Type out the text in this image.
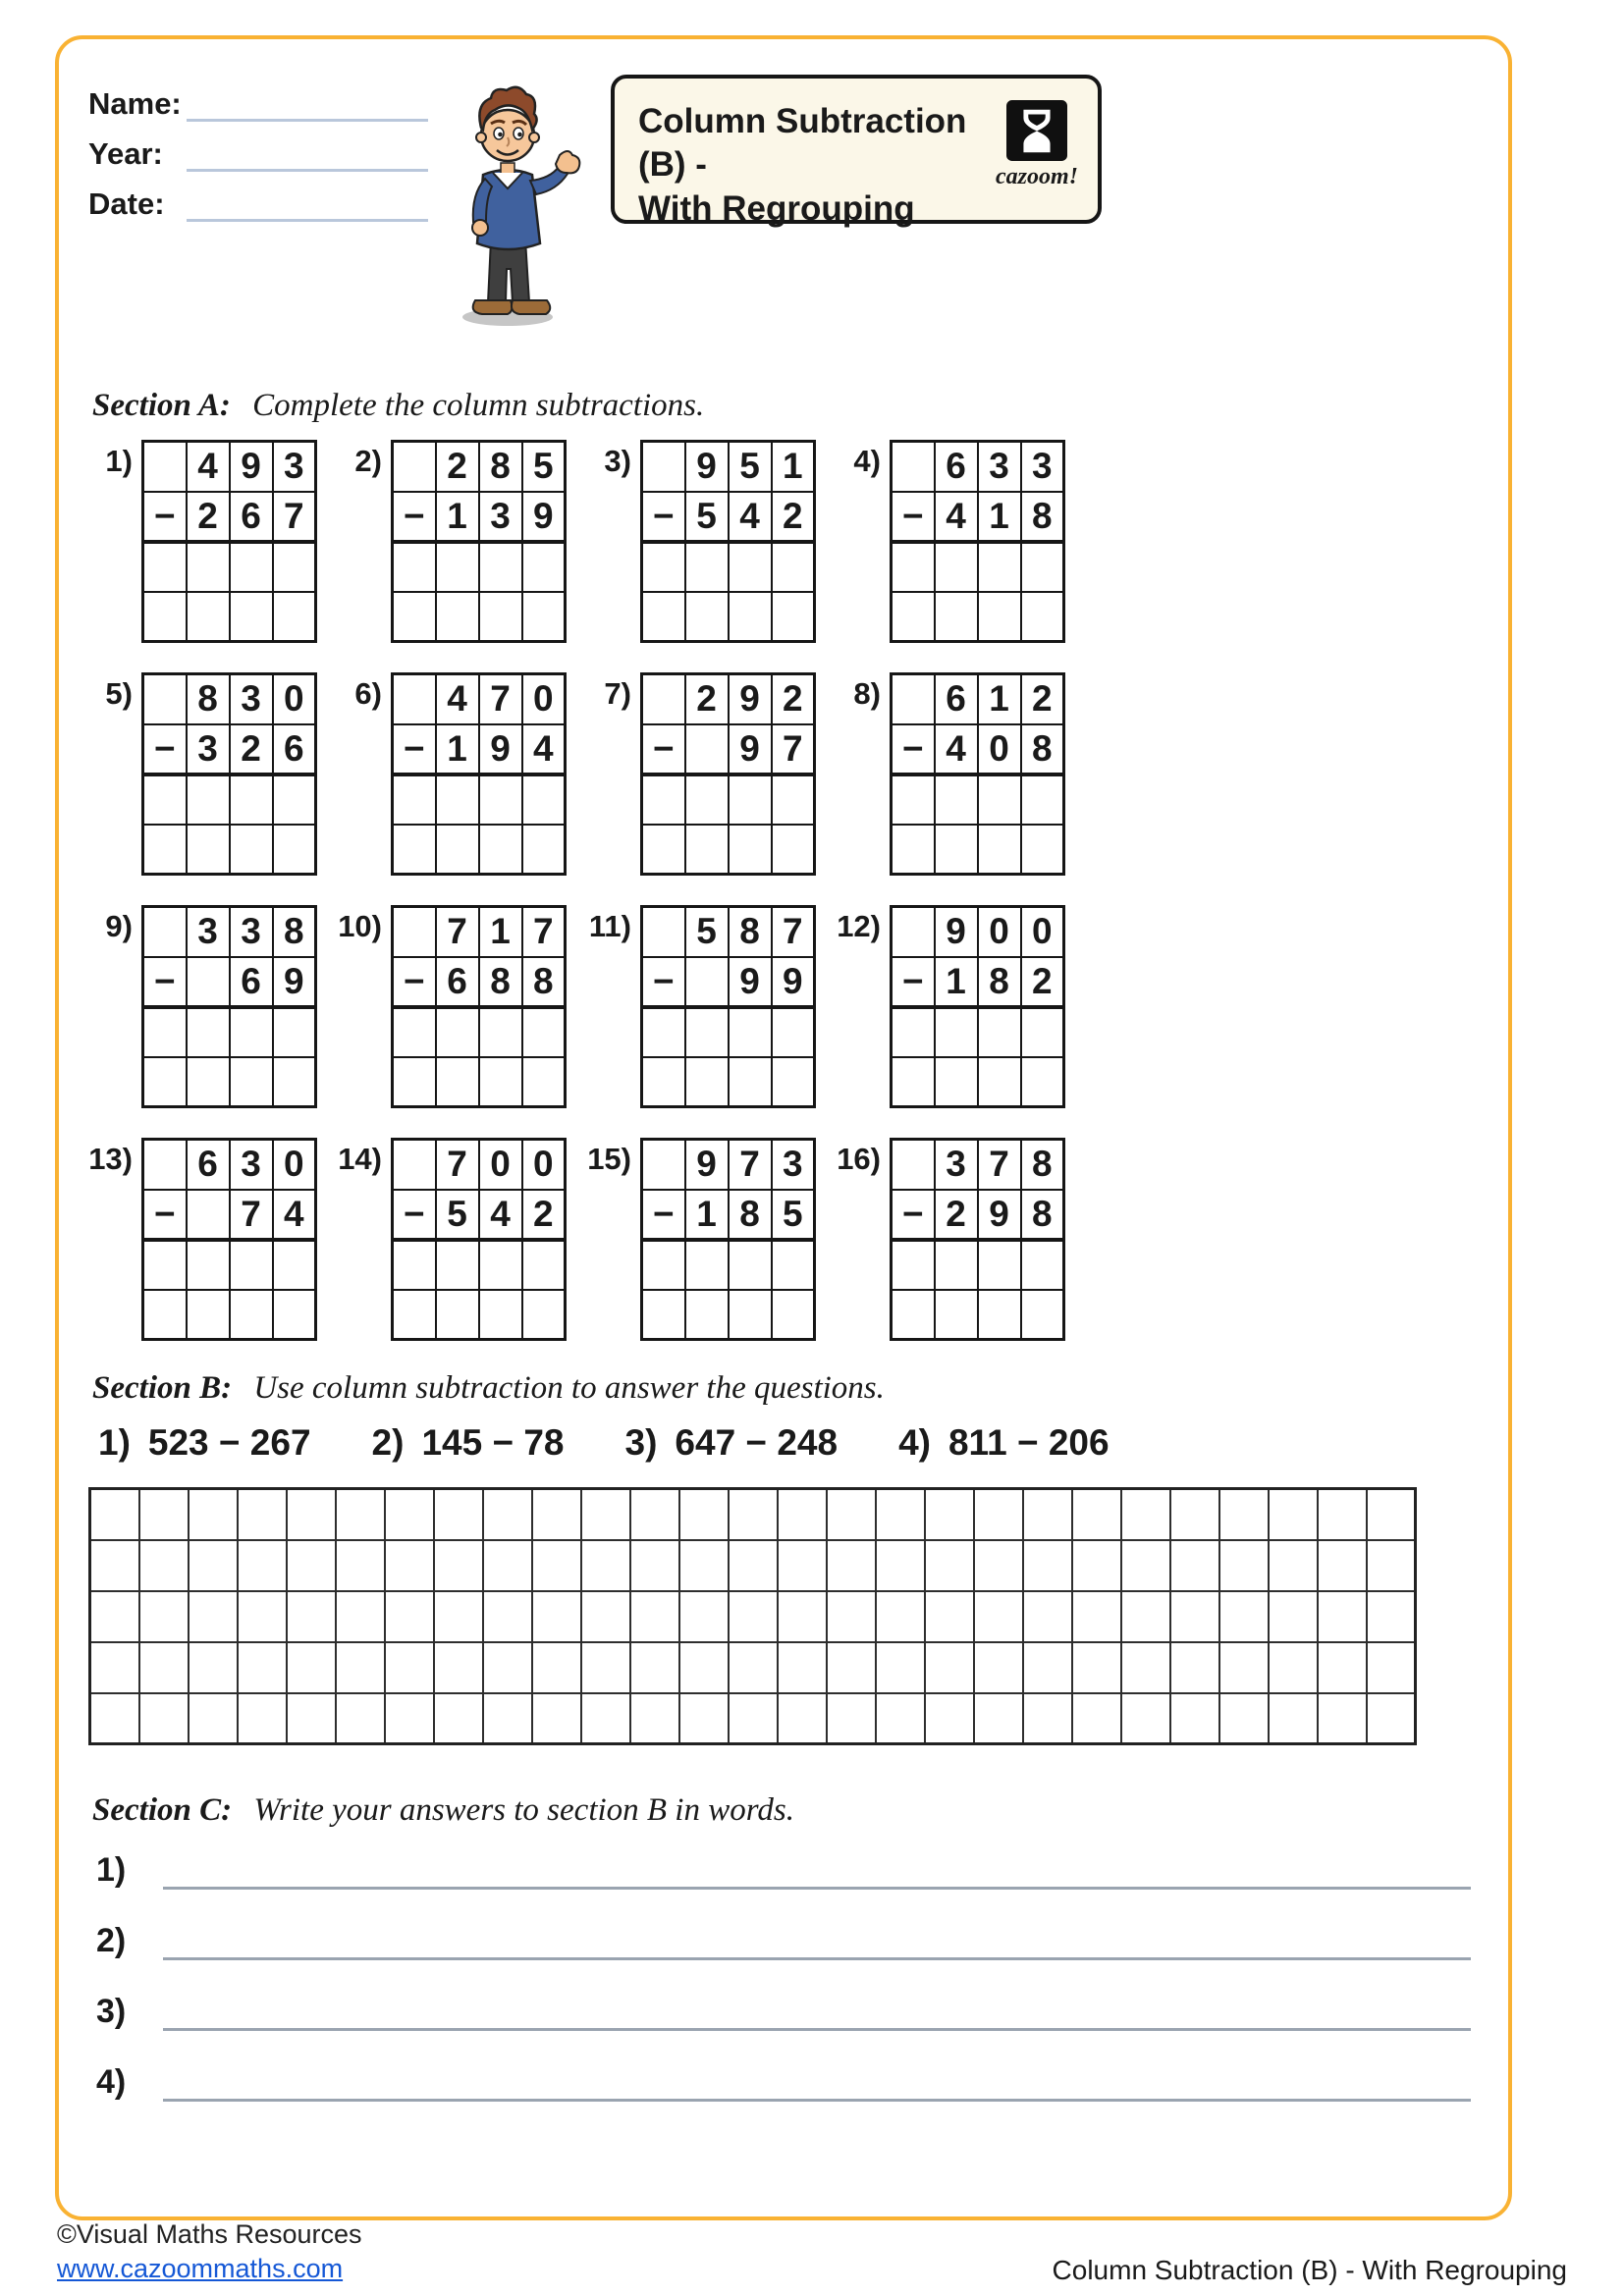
Name:
Year:
Date:
Column Subtraction (B) -
With Regrouping
cazoom!
Section A: Complete the column subtractions.
1)
	4	9	3
−	2	6	7

2)
	2	8	5
−	1	3	9

3)
	9	5	1
−	5	4	2

4)
	6	3	3
−	4	1	8

5)
	8	3	0
−	3	2	6

6)
	4	7	0
−	1	9	4

7)
	2	9	2
−		9	7

8)
	6	1	2
−	4	0	8

9)
	3	3	8
−		6	9

10)
	7	1	7
−	6	8	8

11)
	5	8	7
−		9	9

12)
	9	0	0
−	1	8	2

13)
	6	3	0
−		7	4

14)
	7	0	0
−	5	4	2

15)
	9	7	3
−	1	8	5

16)
	3	7	8
−	2	9	8

Section B: Use column subtraction to answer the questions.
1) 523 − 267 2) 145 − 78 3) 647 − 248 4) 811 − 206

Section C: Write your answers to section B in words.
1)
2)
3)
4)
©Visual Maths Resources
www.cazoommaths.com	Column Subtraction (B) - With Regrouping
